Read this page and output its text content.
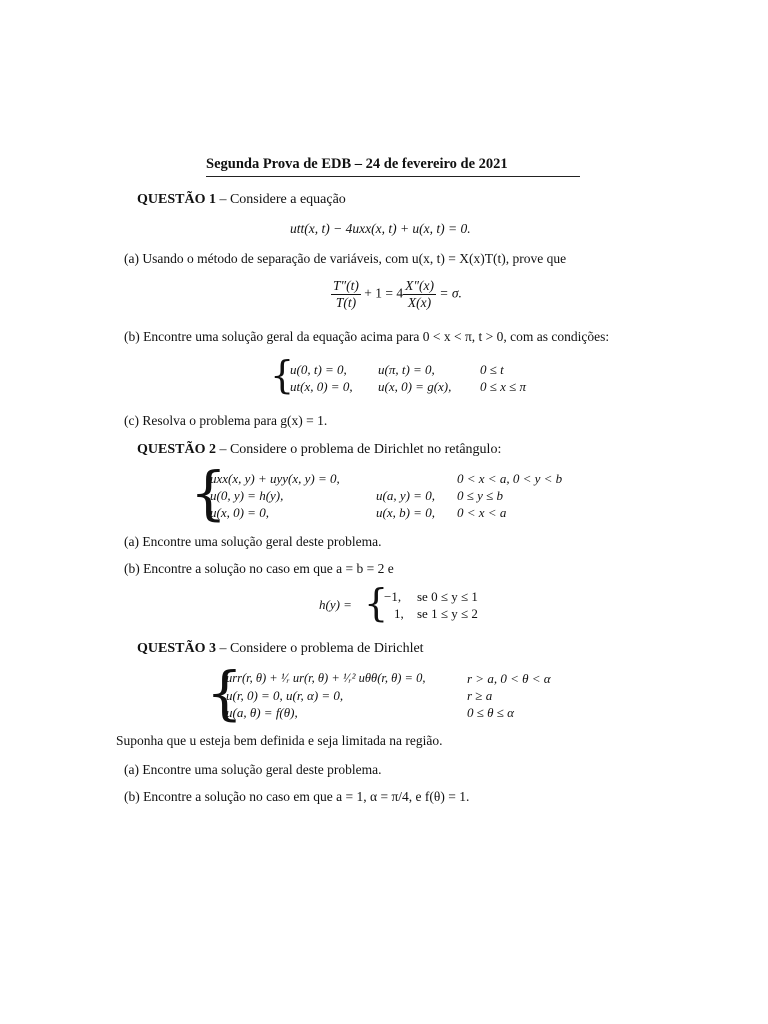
Segunda Prova de EDB – 24 de fevereiro de 2021
QUESTÃO 1 – Considere a equação
utt(x, t) − 4uxx(x, t) + u(x, t) = 0.
(a) Usando o método de separação de variáveis, com u(x, t) = X(x)T(t), prove que
$\frac{T''(t)}{T(t)} + 1 = 4 \frac{X''(x)}{X(x)} = \sigma$.
(b) Encontre uma solução geral da equação acima para 0 < x < π, t > 0, com as condições:
{
u(0, t) = 0, u(π, t) = 0,	0 ≤ t
ut(x, 0) = 0, u(x, 0) = g(x), 0 ≤ x ≤ π
(c) Resolva o problema para g(x) = 1.
QUESTÃO 2 – Considere o problema de Dirichlet no retângulo:
{
uxx(x, y) + uyy(x, y) = 0,	0 < x < a, 0 < y < b
u(0, y) = h(y),	u(a, y) = 0, 0 ≤ y ≤ b
u(x, 0) = 0,	u(x, b) = 0, 0 < x < a
(a) Encontre uma solução geral deste problema.
(b) Encontre a solução no caso em que a = b = 2 e
h(y) = {
−1, se 0 ≤ y ≤ 1
1, se 1 ≤ y ≤ 2
QUESTÃO 3 – Considere o problema de Dirichlet
{
urr(r, θ) + ¹⁄ᵣ ur(r, θ) + ¹⁄ᵣ² uθθ(r, θ) = 0,	r > a, 0 < θ < α
u(r, 0) = 0, u(r, α) = 0,	r ≥ a
u(a, θ) = f(θ),	0 ≤ θ ≤ α
Suponha que u esteja bem definida e seja limitada na região.
(a) Encontre uma solução geral deste problema.
(b) Encontre a solução no caso em que a = 1, α = π/4, e f(θ) = 1.
